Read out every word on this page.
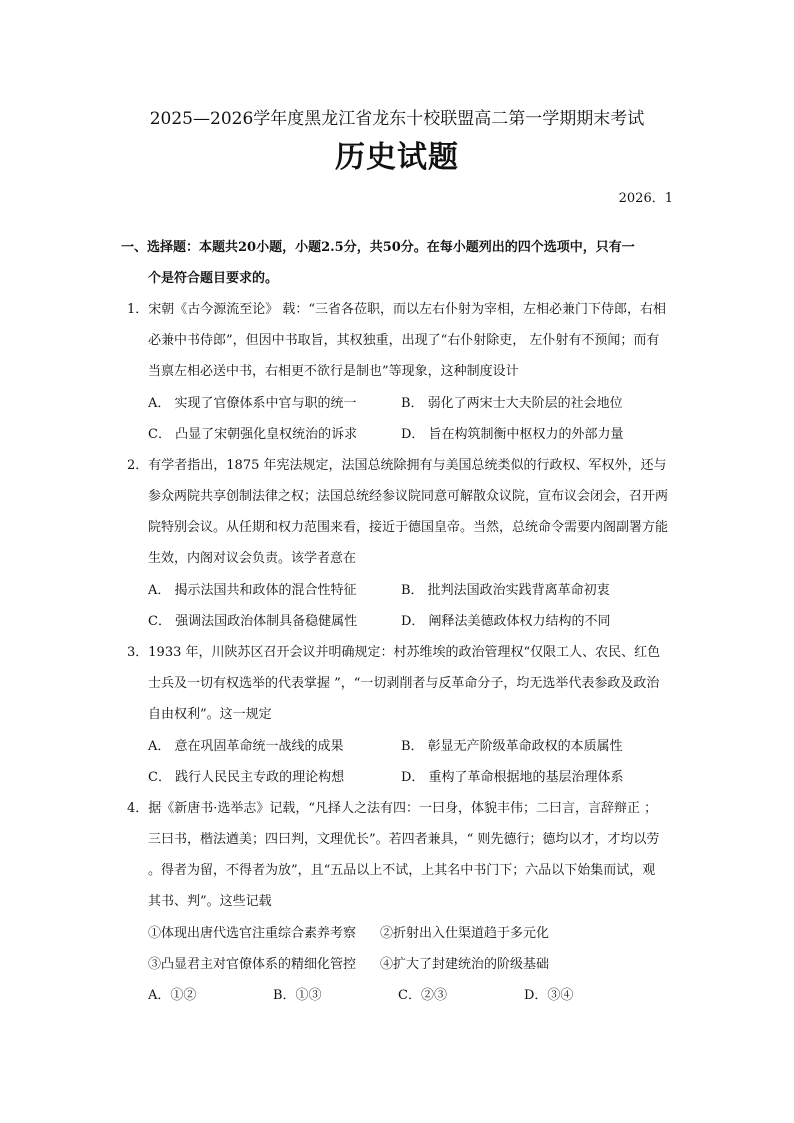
2025—2026学年度黑龙江省龙东十校联盟高二第一学期期末考试
历史试题
2026．1
一、选择题：本题共20小题，小题2.5分，共50分。在每小题列出的四个选项中，只有一
个是符合题目要求的。
1．宋朝《古今源流至论》 载：“三省各莅职，而以左右仆射为宰相，左相必兼门下侍郎，右相
必兼中书侍郎”，但因中书取旨，其权独重，出现了“右仆射除吏， 左仆射有不预闻；而有
当禀左相必送中书，右相更不欲行是制也”等现象，这种制度设计
A． 实现了官僚体系中官与职的统一	B． 弱化了两宋士大夫阶层的社会地位
C． 凸显了宋朝强化皇权统治的诉求	D． 旨在构筑制衡中枢权力的外部力量
2．有学者指出，1875 年宪法规定，法国总统除拥有与美国总统类似的行政权、军权外，还与
参众两院共享创制法律之权；法国总统经参议院同意可解散众议院，宣布议会闭会，召开两
院特别会议。从任期和权力范围来看，接近于德国皇帝。当然，总统命令需要内阁副署方能
生效，内阁对议会负责。该学者意在
A． 揭示法国共和政体的混合性特征	B． 批判法国政治实践背离革命初衷
C． 强调法国政治体制具备稳健属性	D． 阐释法美德政体权力结构的不同
3．1933 年，川陕苏区召开会议并明确规定：村苏维埃的政治管理权“仅限工人、农民、红色
士兵及一切有权选举的代表掌握 ”，“一切剥削者与反革命分子，均无选举代表参政及政治
自由权利”。这一规定
A． 意在巩固革命统一战线的成果	B． 彰显无产阶级革命政权的本质属性
C． 践行人民民主专政的理论构想	D． 重构了革命根据地的基层治理体系
4．据《新唐书·选举志》记载，“凡择人之法有四：一曰身，体貌丰伟；二曰言，言辞辩正 ；
三曰书，楷法遒美；四曰判，文理优长”。若四者兼具，“ 则先德行；德均以才，才均以劳
。得者为留，不得者为放”，且“五品以上不试，上其名中书门下；六品以下始集而试，观
其书、判”。这些记载
①体现出唐代选官注重综合素养考察 ②折射出入仕渠道趋于多元化
③凸显君主对官僚体系的精细化管控 ④扩大了封建统治的阶级基础
A．①②	B．①③	C．②③	D．③④
